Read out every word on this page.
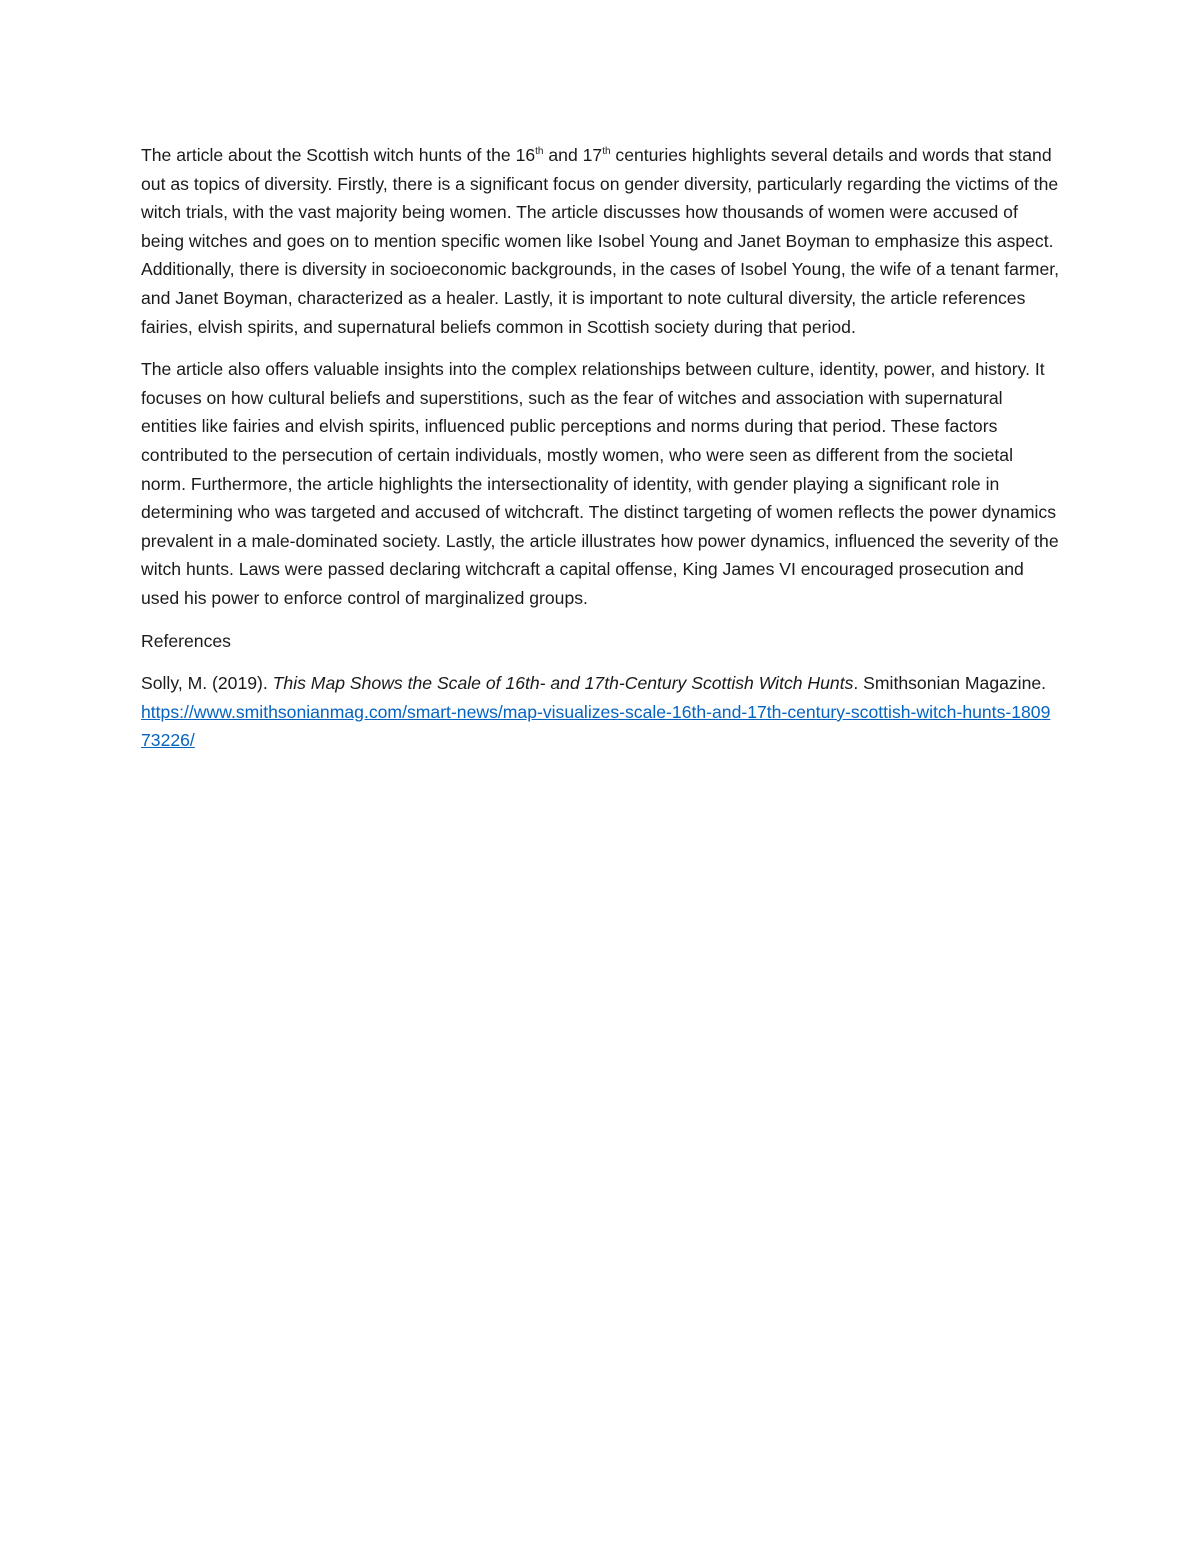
The article about the Scottish witch hunts of the 16th and 17th centuries highlights several details and words that stand out as topics of diversity. Firstly, there is a significant focus on gender diversity, particularly regarding the victims of the witch trials, with the vast majority being women. The article discusses how thousands of women were accused of being witches and goes on to mention specific women like Isobel Young and Janet Boyman to emphasize this aspect. Additionally, there is diversity in socioeconomic backgrounds, in the cases of Isobel Young, the wife of a tenant farmer, and Janet Boyman, characterized as a healer. Lastly, it is important to note cultural diversity, the article references fairies, elvish spirits, and supernatural beliefs common in Scottish society during that period.

The article also offers valuable insights into the complex relationships between culture, identity, power, and history. It focuses on how cultural beliefs and superstitions, such as the fear of witches and association with supernatural entities like fairies and elvish spirits, influenced public perceptions and norms during that period. These factors contributed to the persecution of certain individuals, mostly women, who were seen as different from the societal norm. Furthermore, the article highlights the intersectionality of identity, with gender playing a significant role in determining who was targeted and accused of witchcraft. The distinct targeting of women reflects the power dynamics prevalent in a male-dominated society. Lastly, the article illustrates how power dynamics, influenced the severity of the witch hunts. Laws were passed declaring witchcraft a capital offense, King James VI encouraged prosecution and used his power to enforce control of marginalized groups.

References

Solly, M. (2019). This Map Shows the Scale of 16th- and 17th-Century Scottish Witch Hunts. Smithsonian Magazine. https://www.smithsonianmag.com/smart-news/map-visualizes-scale-16th-and-17th-century-scottish-witch-hunts-180973226/
